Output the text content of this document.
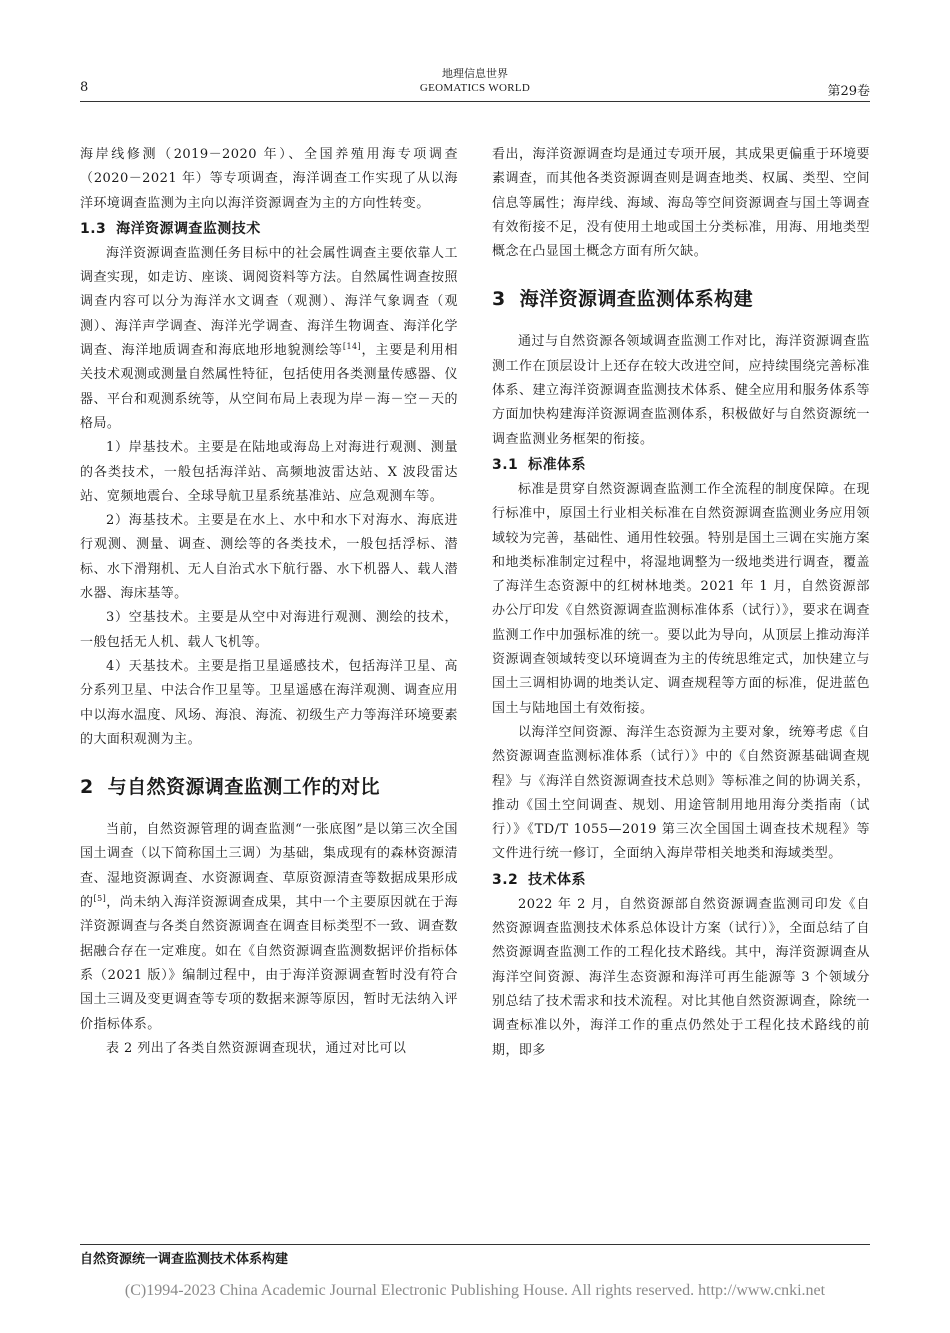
8
地理信息世界
GEOMATICS WORLD	第29卷

海岸线修测（2019－2020 年）、全国养殖用海专项调查（2020－2021 年）等专项调查，海洋调查工作实现了从以海洋环境调查监测为主向以海洋资源调查为主的方向性转变。

1.3 海洋资源调查监测技术

海洋资源调查监测任务目标中的社会属性调查主要依靠人工调查实现，如走访、座谈、调阅资料等方法。自然属性调查按照调查内容可以分为海洋水文调查（观测）、海洋气象调查（观测）、海洋声学调查、海洋光学调查、海洋生物调查、海洋化学调查、海洋地质调查和海底地形地貌测绘等[14]，主要是利用相关技术观测或测量自然属性特征，包括使用各类测量传感器、仪器、平台和观测系统等，从空间布局上表现为岸－海－空－天的格局。

1）岸基技术。主要是在陆地或海岛上对海进行观测、测量的各类技术，一般包括海洋站、高频地波雷达站、X 波段雷达站、宽频地震台、全球导航卫星系统基准站、应急观测车等。

2）海基技术。主要是在水上、水中和水下对海水、海底进行观测、测量、调查、测绘等的各类技术，一般包括浮标、潜标、水下滑翔机、无人自治式水下航行器、水下机器人、载人潜水器、海床基等。

3）空基技术。主要是从空中对海进行观测、测绘的技术，一般包括无人机、载人飞机等。

4）天基技术。主要是指卫星遥感技术，包括海洋卫星、高分系列卫星、中法合作卫星等。卫星遥感在海洋观测、调查应用中以海水温度、风场、海浪、海流、初级生产力等海洋环境要素的大面积观测为主。

2 与自然资源调查监测工作的对比

当前，自然资源管理的调查监测“一张底图”是以第三次全国国土调查（以下简称国土三调）为基础，集成现有的森林资源清查、湿地资源调查、水资源调查、草原资源清查等数据成果形成的[5]，尚未纳入海洋资源调查成果，其中一个主要原因就在于海洋资源调查与各类自然资源调查在调查目标类型不一致、调查数据融合存在一定难度。如在《自然资源调查监测数据评价指标体系（2021 版）》编制过程中，由于海洋资源调查暂时没有符合国土三调及变更调查等专项的数据来源等原因，暂时无法纳入评价指标体系。

表 2 列出了各类自然资源调查现状，通过对比可以

看出，海洋资源调查均是通过专项开展，其成果更偏重于环境要素调查，而其他各类资源调查则是调查地类、权属、类型、空间信息等属性；海岸线、海域、海岛等空间资源调查与国土等调查有效衔接不足，没有使用土地或国土分类标准，用海、用地类型概念在凸显国土概念方面有所欠缺。

3 海洋资源调查监测体系构建

通过与自然资源各领域调查监测工作对比，海洋资源调查监测工作在顶层设计上还存在较大改进空间，应持续围绕完善标准体系、建立海洋资源调查监测技术体系、健全应用和服务体系等方面加快构建海洋资源调查监测体系，积极做好与自然资源统一调查监测业务框架的衔接。

3.1 标准体系

标准是贯穿自然资源调查监测工作全流程的制度保障。在现行标准中，原国土行业相关标准在自然资源调查监测业务应用领域较为完善，基础性、通用性较强。特别是国土三调在实施方案和地类标准制定过程中，将湿地调整为一级地类进行调查，覆盖了海洋生态资源中的红树林地类。2021 年 1 月，自然资源部办公厅印发《自然资源调查监测标准体系（试行）》，要求在调查监测工作中加强标准的统一。要以此为导向，从顶层上推动海洋资源调查领域转变以环境调查为主的传统思维定式，加快建立与国土三调相协调的地类认定、调查规程等方面的标准，促进蓝色国土与陆地国土有效衔接。

以海洋空间资源、海洋生态资源为主要对象，统筹考虑《自然资源调查监测标准体系（试行）》中的《自然资源基础调查规程》与《海洋自然资源调查技术总则》等标准之间的协调关系，推动《国土空间调查、规划、用途管制用地用海分类指南（试行）》《TD/T 1055—2019 第三次全国国土调查技术规程》等文件进行统一修订，全面纳入海岸带相关地类和海域类型。

3.2 技术体系

2022 年 2 月，自然资源部自然资源调查监测司印发《自然资源调查监测技术体系总体设计方案（试行）》，全面总结了自然资源调查监测工作的工程化技术路线。其中，海洋资源调查从海洋空间资源、海洋生态资源和海洋可再生能源等 3 个领域分别总结了技术需求和技术流程。对比其他自然资源调查，除统一调查标准以外，海洋工作的重点仍然处于工程化技术路线的前期，即多

自然资源统一调查监测技术体系构建
(C)1994-2023 China Academic Journal Electronic Publishing House. All rights reserved. http://www.cnki.net
